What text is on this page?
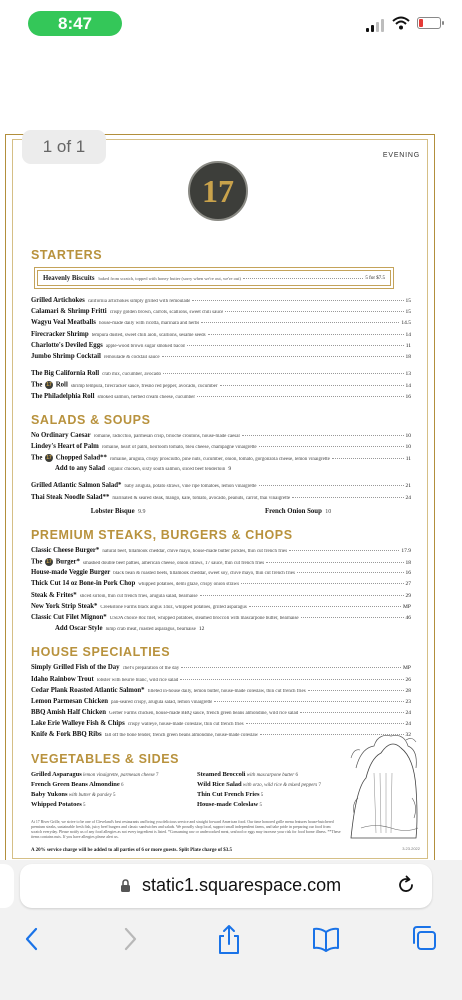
8:47
1 of 1	EVENING
17
STARTERS
Heavenly Biscuits baked from scratch, topped with honey butter (sorry when we're out, we're out)	5 for $7.5
Grilled Artichokes california artichokes simply grilled with rémoulade	15
Calamari & Shrimp Fritti crispy golden brown, carrots, scallions, sweet chili sauce	15
Wagyu Veal Meatballs house-made daily with ricotta, marinara and herbs	14.5
Firecracker Shrimp tempura dusted, sweet chili aioli, scallions, sesame seeds	14
Charlotte's Deviled Eggs apple-wood brown sugar smoked bacon	11
Jumbo Shrimp Cocktail rémoulade & cocktail sauce	18
The Big California Roll crab mix, cucumber, avocado	13
The 17 Roll shrimp tempura, firecracker sauce, fresno red pepper, avocado, cucumber	14
The Philadelphia Roll smoked salmon, herbed cream cheese, cucumber	16
SALADS & SOUPS
No Ordinary Caesar romaine, radicchio, parmesan crisp, brioche croutons, house-made caesar	10
Lindey's Heart of Palm romaine, heart of palm, heirloom tomato, bleu cheese, champagne vinaigrette	10
The 17 Chopped Salad** romaine, arugula, crispy prosciutto, pine nuts, cucumber, onion, tomato, gorgonzola cheese, lemon vinaigrette	11
Add to any Salad organic chicken, sixty south salmon, sliced beef tenderloin 9
Grilled Atlantic Salmon Salad* baby arugula, potato straws, vine ripe tomatoes, lemon vinaigrette	21
Thai Steak Noodle Salad** marinated & seared steak, mango, kale, tomato, avocado, peanuts, carrot, thai vinaigrette	24
Lobster Bisque 9.9	French Onion Soup 10
PREMIUM STEAKS, BURGERS & CHOPS
Classic Cheese Burger* natural beef, tillamook cheddar, chive mayo, house-made butter pickles, thin cut french fries	17.9
The 17 Burger* smashed double beef patties, american cheese, onion straws, 17 sauce, thin cut french fries	18
House-made Veggie Burger black bean & roasted beets, tillamook cheddar, sweet soy, chive mayo, thin cut french fries	16
Thick Cut 14 oz Bone-in Pork Chop whipped potatoes, demi glaze, crispy onion straws	27
Steak & Frites* sliced sirloin, thin cut french fries, arugula salad, béarnaise	29
New York Strip Steak* Creekstone Farms black angus 14oz, whipped potatoes, grilled asparagus	MP
Classic Cut Filet Mignon* USDA choice 8oz filet, whipped potatoes, steamed broccoli with mascarpone butter, béarnaise	46
Add Oscar Style lump crab meat, roasted asparagus, béarnaise 12
HOUSE SPECIALTIES
Simply Grilled Fish of the Day chef's preparation of the day	MP
Idaho Rainbow Trout lobster with beurre blanc, wild rice salad	26
Cedar Plank Roasted Atlantic Salmon* filleted in-house daily, lemon butter, house-made coleslaw, thin cut french fries	28
Lemon Parmesan Chicken pan-seared crispy, arugula salad, lemon vinaigrette	23
BBQ Amish Half Chicken Gerber Farms chicken, house-made BBQ sauce, french green beans almondine, wild rice salad	24
Lake Erie Walleye Fish & Chips crispy walleye, house-made coleslaw, thin cut french fries	24
Knife & Fork BBQ Ribs fall off the bone tender, french green beans almondine, house-made coleslaw	32
VEGETABLES & SIDES
Grilled Asparagus lemon vinaigrette, parmesan cheese 7	Steamed Broccoli with mascarpone butter 6
French Green Beans Almondine 6	Wild Rice Salad with orzo, wild rice & mixed peppers 7
Baby Yukons with butter & parsley 5	Thin Cut French Fries 5
Whipped Potatoes 5	House-made Coleslaw 5
At 17 River Grille, we strive to be one of Cleveland's best restaurants and bring you delicious service and straight forward American food. Our time honored grille menu features house-butchered premium steaks, sustainable fresh fish, juicy beef burgers and classic sandwiches and salads. We proudly shop local, support small independent farms, and take pride in preparing our food from scratch everyday. Please notify us of any food allergies as not every ingredient is listed. *Consuming raw or undercooked meat, seafood or eggs may increase your risk for food borne illness. **These items contains nuts. If you have allergies please alert us.
A 20% service charge will be added to all parties of 6 or more guests. Split Plate charge of $3.5	3.23.2022
static1.squarespace.com
